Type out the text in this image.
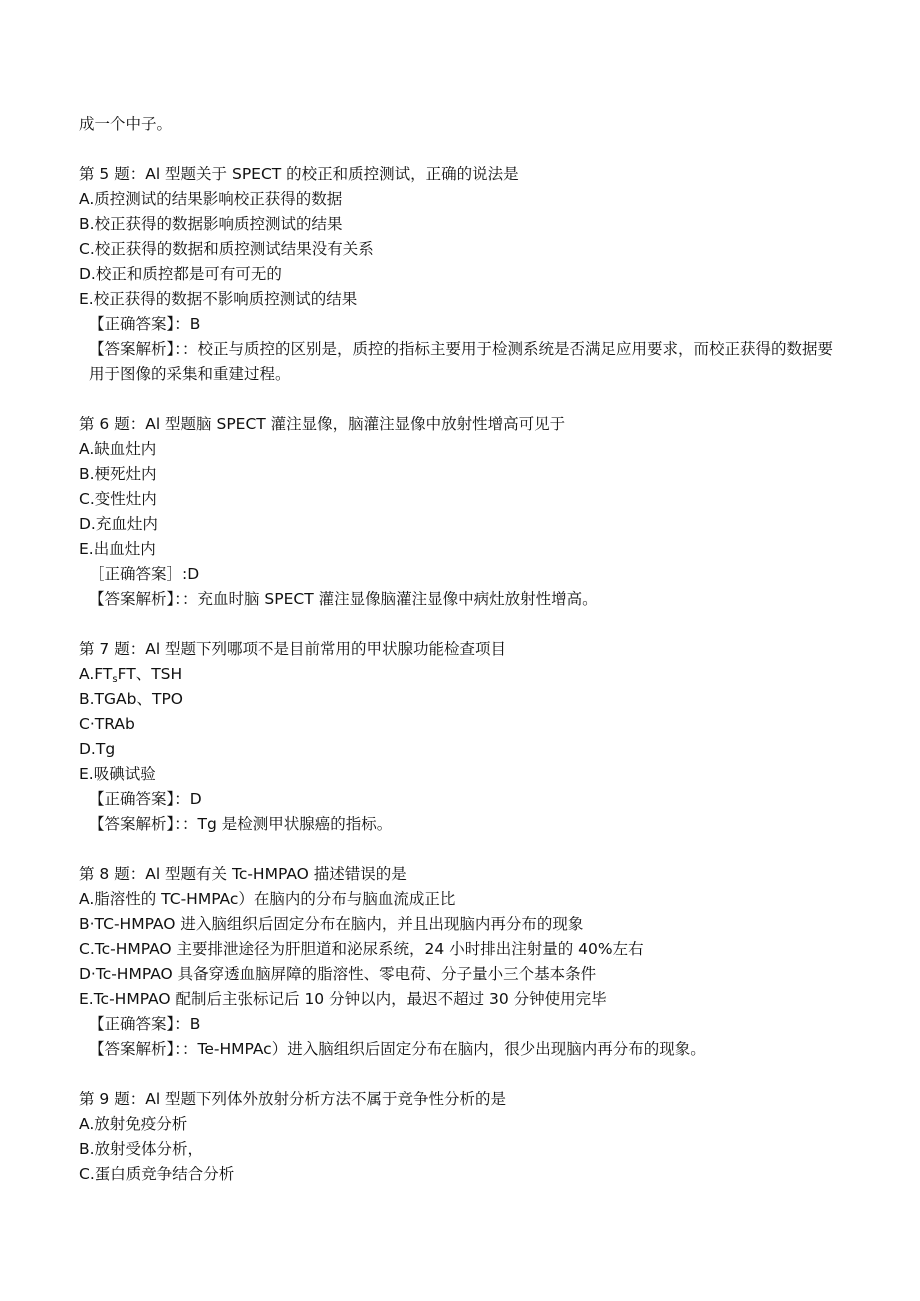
成一个中子。
第 5 题：Al 型题关于 SPECT 的校正和质控测试，正确的说法是
A.质控测试的结果影响校正获得的数据
B.校正获得的数据影响质控测试的结果
C.校正获得的数据和质控测试结果没有关系
D.校正和质控都是可有可无的
E.校正获得的数据不影响质控测试的结果
【正确答案】：B
【答案解析】：：校正与质控的区别是，质控的指标主要用于检测系统是否满足应用要求，而校正获得的数据要用于图像的采集和重建过程。
第 6 题：Al 型题脑 SPECT 灌注显像，脑灌注显像中放射性增高可见于
A.缺血灶内
B.梗死灶内
C.变性灶内
D.充血灶内
E.出血灶内
［正确答案］:D
【答案解析】：：充血时脑 SPECT 灌注显像脑灌注显像中病灶放射性增高。
第 7 题：Al 型题下列哪项不是目前常用的甲状腺功能检查项目
$A.FT_sFT$、TSH
B.TGAb、TPO
C·TRAb
D.Tg
E.吸碘试验
【正确答案】：D
【答案解析】：：Tg 是检测甲状腺癌的指标。
第 8 题：Al 型题有关 Tc-HMPAO 描述错误的是
A.脂溶性的 TC-HMPAc）在脑内的分布与脑血流成正比
B·TC-HMPAO 进入脑组织后固定分布在脑内，并且出现脑内再分布的现象
C.Tc-HMPAO 主要排泄途径为肝胆道和泌尿系统，24 小时排出注射量的 40%左右
D·Tc-HMPAO 具备穿透血脑屏障的脂溶性、零电荷、分子量小三个基本条件
E.Tc-HMPAO 配制后主张标记后 10 分钟以内，最迟不超过 30 分钟使用完毕
【正确答案】：B
【答案解析】：：Te-HMPAc）进入脑组织后固定分布在脑内，很少出现脑内再分布的现象。
第 9 题：Al 型题下列体外放射分析方法不属于竞争性分析的是
A.放射免疫分析
B.放射受体分析，
C.蛋白质竞争结合分析
